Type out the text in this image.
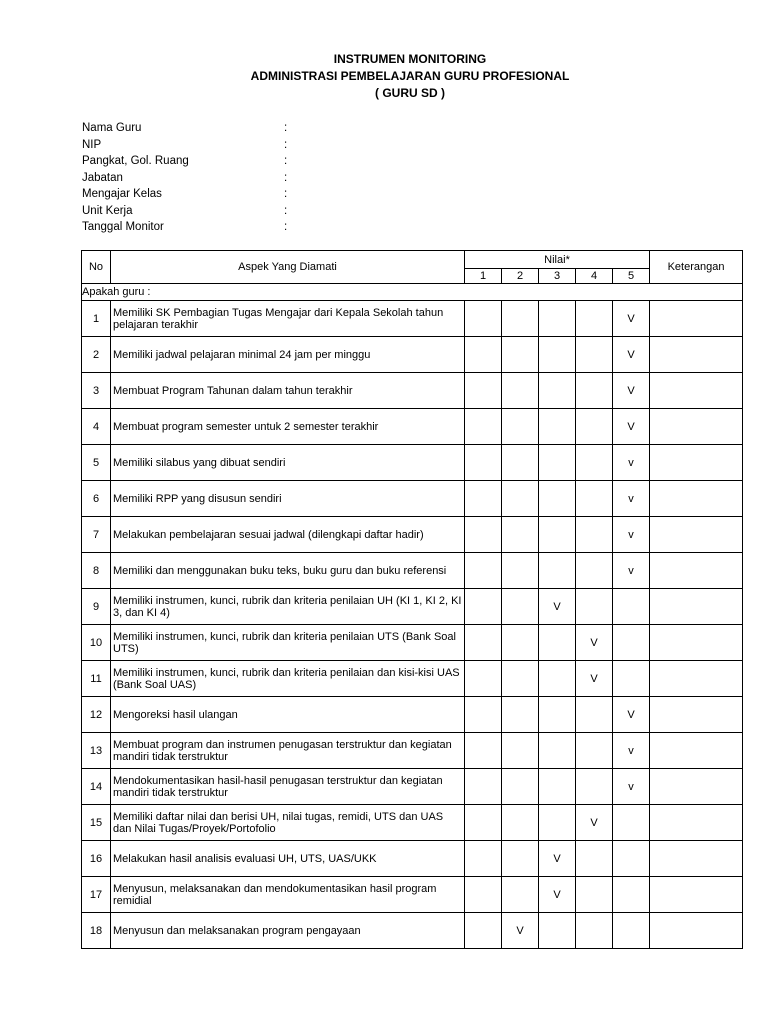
INSTRUMEN MONITORING
ADMINISTRASI PEMBELAJARAN GURU PROFESIONAL
( GURU SD )
Nama Guru	:
NIP	:
Pangkat, Gol. Ruang	:
Jabatan	:
Mengajar Kelas	:
Unit Kerja	:
Tanggal Monitor	:
No	Aspek Yang Diamati	Nilai*					Keterangan
		1	2	3	4	5	
Apakah guru :							
1	Memiliki SK Pembagian Tugas Mengajar dari Kepala Sekolah tahun pelajaran terakhir					V	
2	Memiliki jadwal pelajaran minimal 24 jam per minggu					V	
3	Membuat Program Tahunan dalam tahun terakhir					V	
4	Membuat program semester untuk 2 semester terakhir					V	
5	Memiliki silabus yang dibuat sendiri					v	
6	Memiliki RPP yang disusun sendiri					v	
7	Melakukan pembelajaran sesuai jadwal (dilengkapi daftar hadir)					v	
8	Memiliki dan menggunakan buku teks, buku guru dan buku referensi					v	
9	Memiliki instrumen, kunci, rubrik dan kriteria penilaian UH (KI 1, KI 2, KI 3, dan KI 4)			V			
10	Memiliki instrumen, kunci, rubrik dan kriteria penilaian UTS (Bank Soal UTS)				V		
11	Memiliki instrumen, kunci, rubrik dan kriteria penilaian dan kisi-kisi UAS (Bank Soal UAS)				V		
12	Mengoreksi hasil ulangan					V	
13	Membuat program dan instrumen penugasan terstruktur dan kegiatan mandiri tidak terstruktur					v	
14	Mendokumentasikan hasil-hasil penugasan terstruktur dan kegiatan mandiri tidak terstruktur					v	
15	Memiliki daftar nilai dan berisi UH, nilai tugas, remidi, UTS dan UAS dan Nilai Tugas/Proyek/Portofolio				V		
16	Melakukan hasil analisis evaluasi UH, UTS, UAS/UKK			V			
17	Menyusun, melaksanakan dan mendokumentasikan hasil program remidial			V			
18	Menyusun dan melaksanakan program pengayaan		V				
